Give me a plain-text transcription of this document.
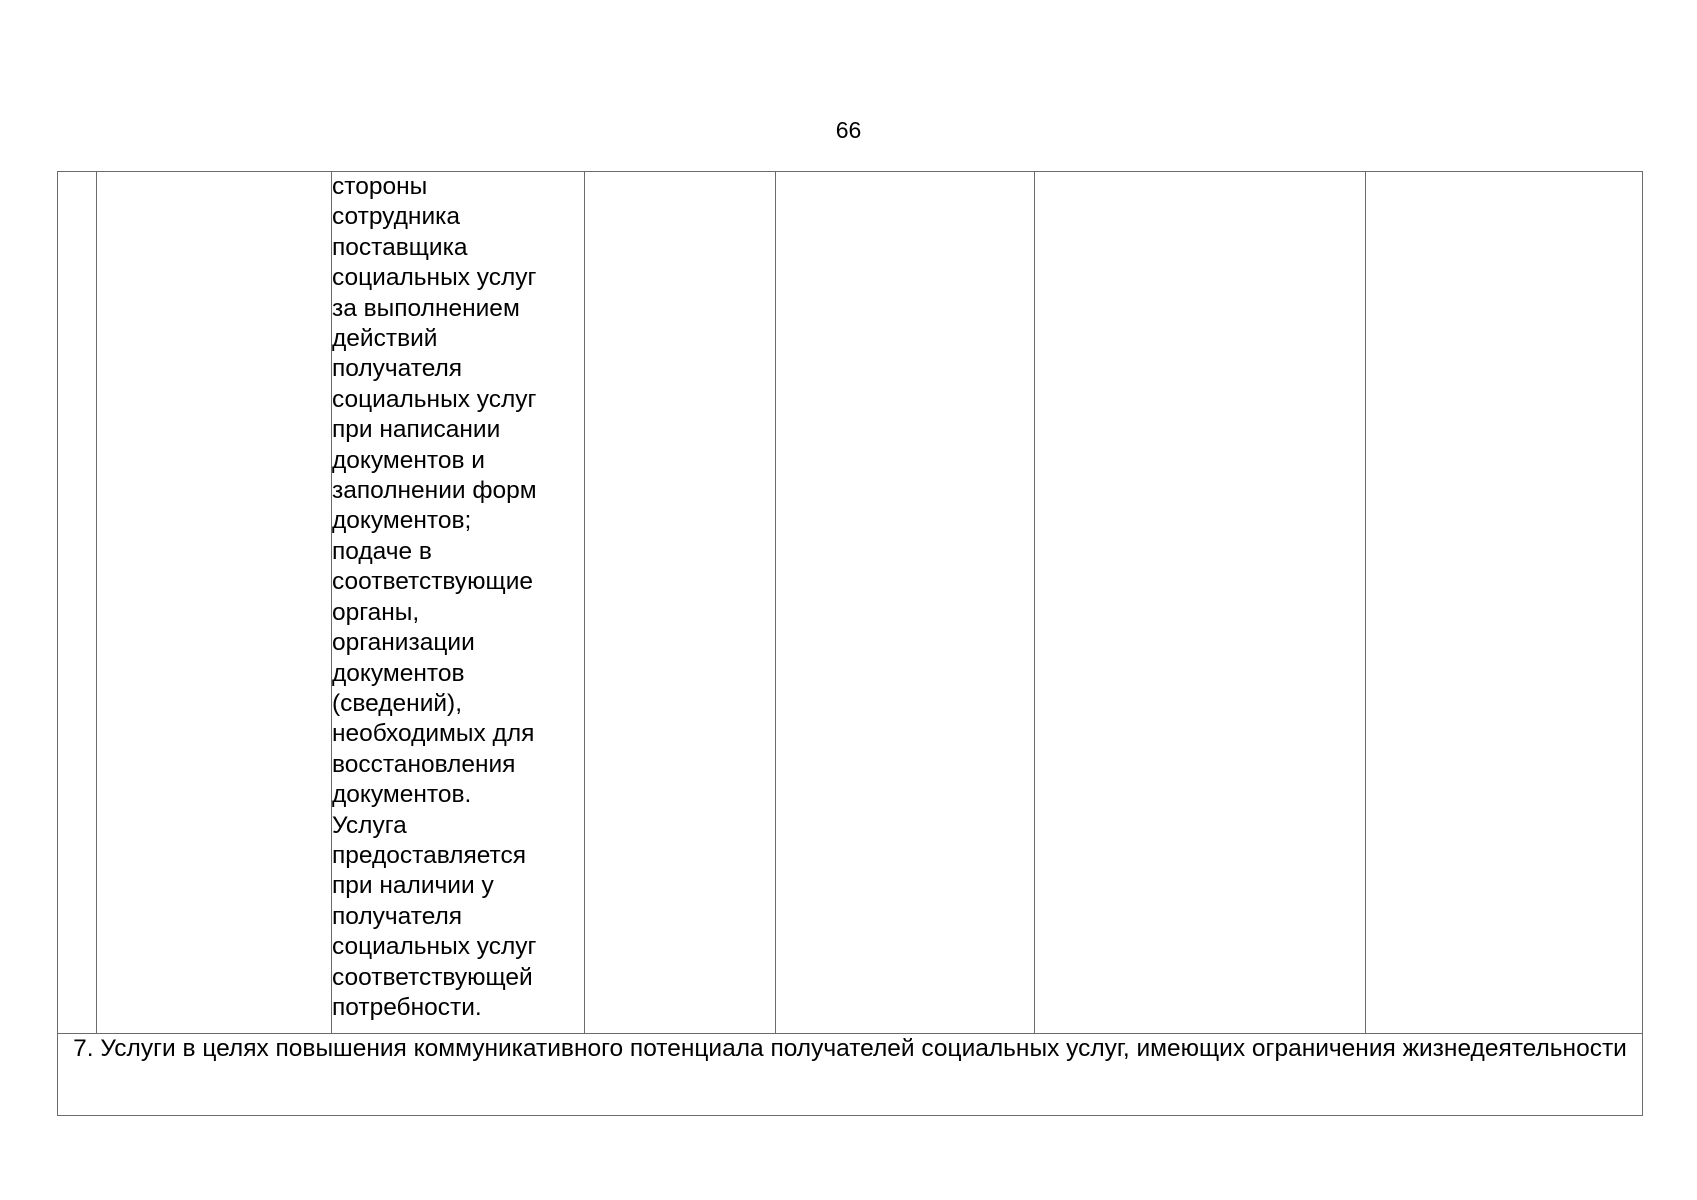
66
		стороны
сотрудника
поставщика
социальных услуг
за выполнением
действий
получателя
социальных услуг
при написании
документов и
заполнении форм
документов;
подаче в
соответствующие
органы,
организации
документов
(сведений),
необходимых для
восстановления
документов.
Услуга
предоставляется
при наличии у
получателя
социальных услуг
соответствующей
потребности.				
7. Услуги в целях повышения коммуникативного потенциала получателей социальных услуг, имеющих ограничения жизнедеятельности
